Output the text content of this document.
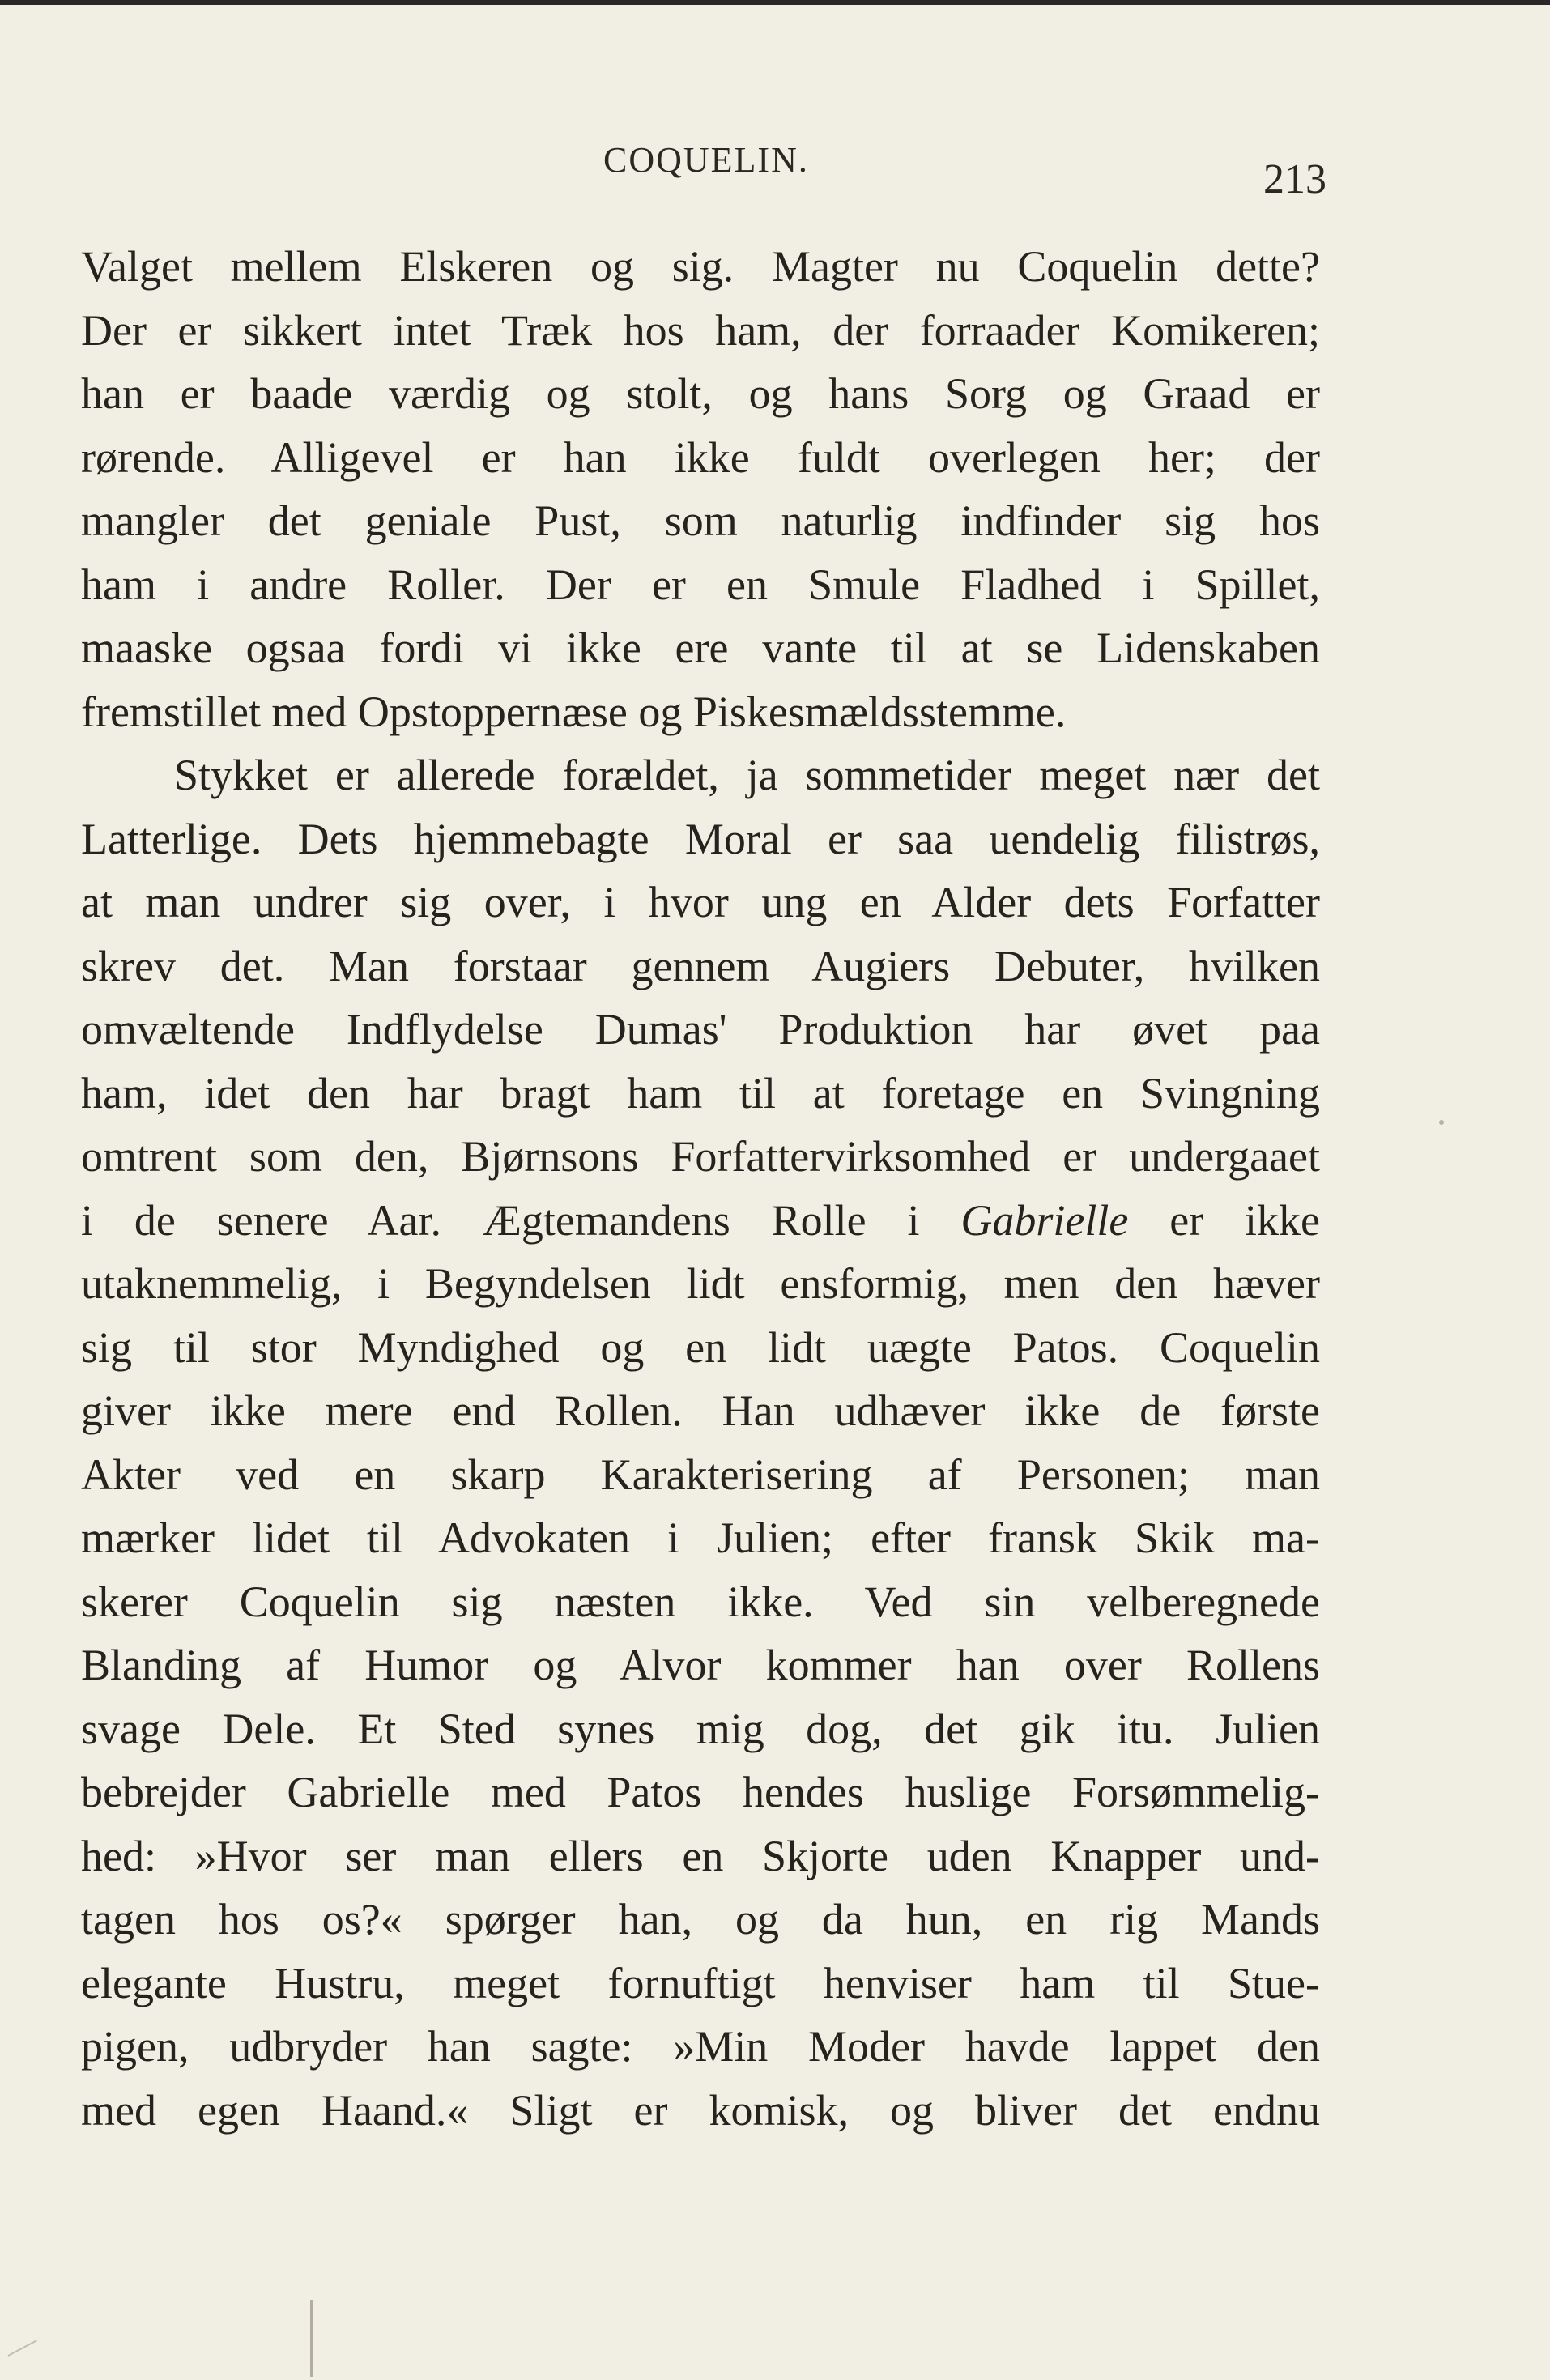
COQUELIN.	213
Valget mellem Elskeren og sig. Magter nu Coquelin dette?
Der er sikkert intet Træk hos ham, der forraader Komikeren;
han er baade værdig og stolt, og hans Sorg og Graad er
rørende. Alligevel er han ikke fuldt overlegen her; der
mangler det geniale Pust, som naturlig indfinder sig hos
ham i andre Roller. Der er en Smule Fladhed i Spillet,
maaske ogsaa fordi vi ikke ere vante til at se Lidenskaben
fremstillet med Opstoppernæse og Piskesmældsstemme.
Stykket er allerede forældet, ja sommetider meget nær det
Latterlige. Dets hjemmebagte Moral er saa uendelig filistrøs,
at man undrer sig over, i hvor ung en Alder dets Forfatter
skrev det. Man forstaar gennem Augiers Debuter, hvilken
omvæltende Indflydelse Dumas' Produktion har øvet paa
ham, idet den har bragt ham til at foretage en Svingning
omtrent som den, Bjørnsons Forfattervirksomhed er undergaaet
i de senere Aar. Ægtemandens Rolle i Gabrielle er ikke
utaknemmelig, i Begyndelsen lidt ensformig, men den hæver
sig til stor Myndighed og en lidt uægte Patos. Coquelin
giver ikke mere end Rollen. Han udhæver ikke de første
Akter ved en skarp Karakterisering af Personen; man
mærker lidet til Advokaten i Julien; efter fransk Skik ma-
skerer Coquelin sig næsten ikke. Ved sin velberegnede
Blanding af Humor og Alvor kommer han over Rollens
svage Dele. Et Sted synes mig dog, det gik itu. Julien
bebrejder Gabrielle med Patos hendes huslige Forsømmelig-
hed: »Hvor ser man ellers en Skjorte uden Knapper und-
tagen hos os?« spørger han, og da hun, en rig Mands
elegante Hustru, meget fornuftigt henviser ham til Stue-
pigen, udbryder han sagte: »Min Moder havde lappet den
med egen Haand.« Sligt er komisk, og bliver det endnu
